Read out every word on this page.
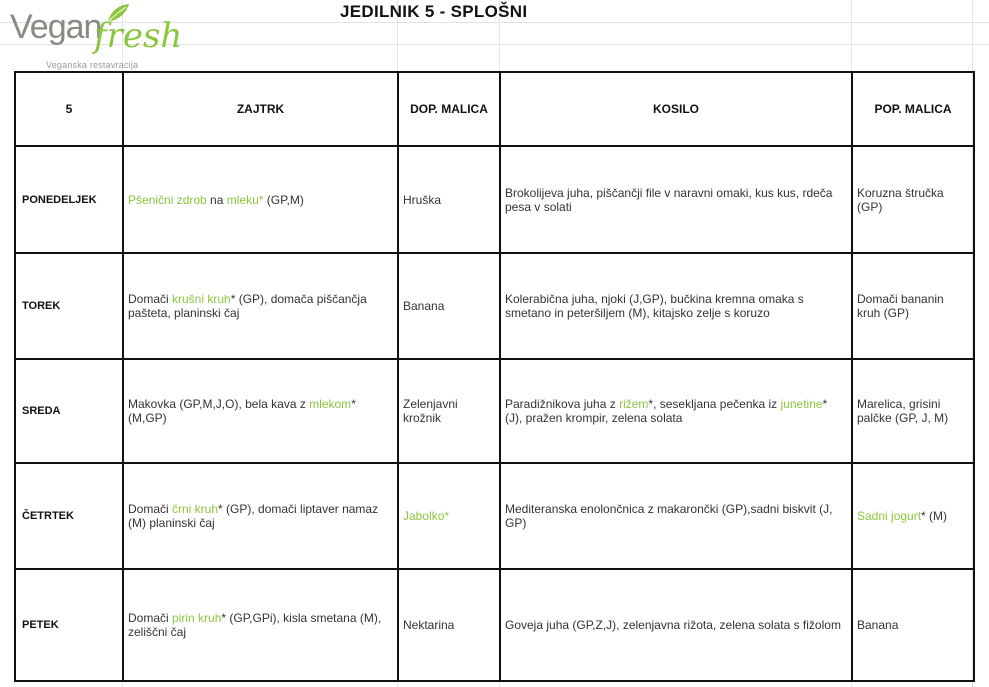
Vegan
fresh
Veganska restavracija
JEDILNIK 5 - SPLOŠNI
5	ZAJTRK	DOP. MALICA	KOSILO	POP. MALICA
PONEDELJEK	Pšenični zdrob na mleku* (GP,M)	Hruška	Brokolijeva juha, piščančji file v naravni omaki, kus kus, rdeča pesa v solati	Koruzna štručka (GP)
TOREK	Domači krušni kruh* (GP), domača piščančja pašteta, planinski čaj	Banana	Kolerabična juha, njoki (J,GP), bučkina kremna omaka s smetano in peteršiljem (M), kitajsko zelje s koruzo	Domači bananin kruh (GP)
SREDA	Makovka (GP,M,J,O), bela kava z mlekom* (M,GP)	Zelenjavni krožnik	Paradižnikova juha z rižem*, sesekljana pečenka iz junetine* (J), pražen krompir, zelena solata	Marelica, grisini palčke (GP, J, M)
ČETRTEK	Domači črni kruh* (GP), domači liptaver namaz (M) planinski čaj	Jabolko*	Mediteranska enolončnica z makarončki (GP),sadni biskvit (J, GP)	Sadni jogurt* (M)
PETEK	Domači pirin kruh* (GP,GPi), kisla smetana (M), zeliščni čaj	Nektarina	Goveja juha (GP,Z,J), zelenjavna rižota, zelena solata s fižolom	Banana
